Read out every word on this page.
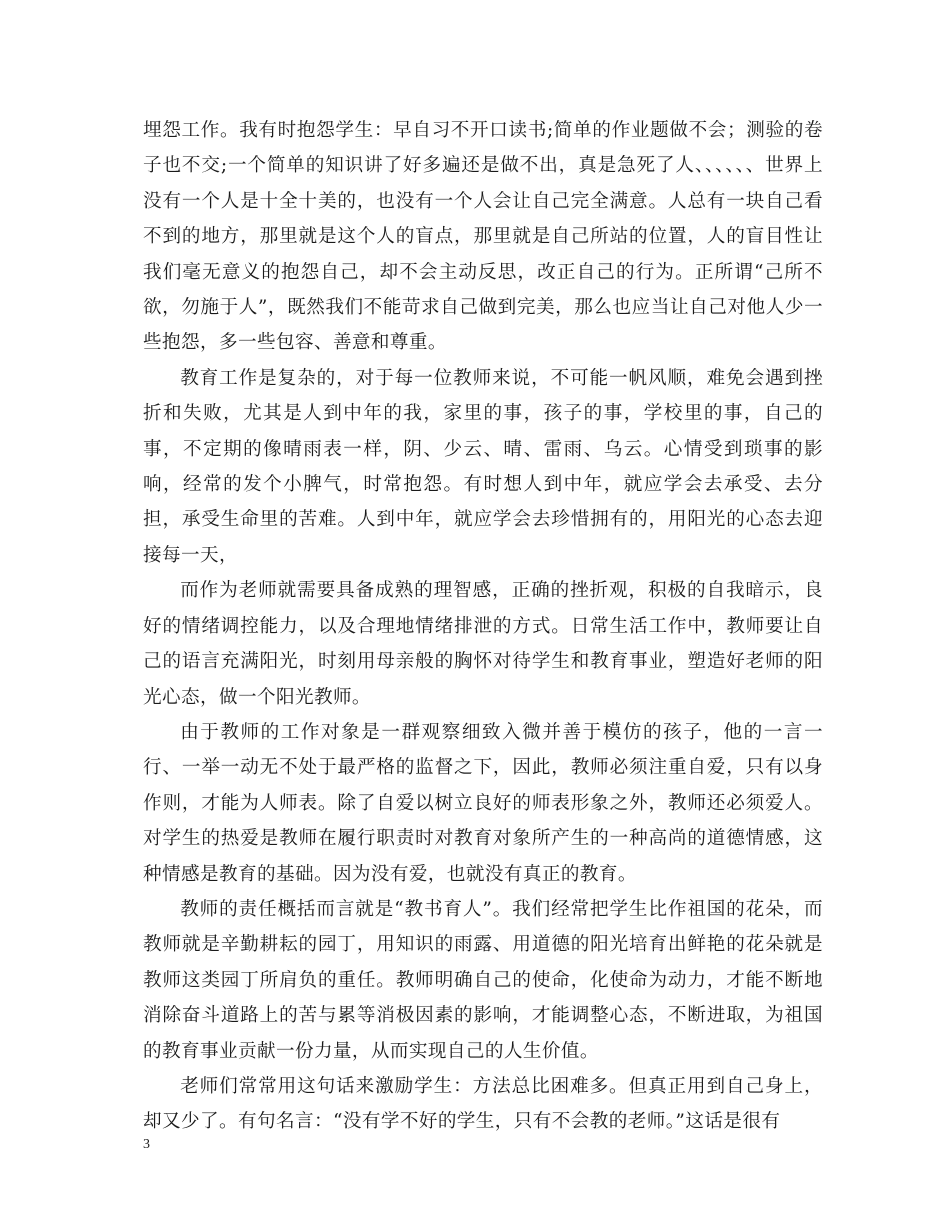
埋怨工作。我有时抱怨学生：早自习不开口读书;简单的作业题做不会；测验的卷子也不交;一个简单的知识讲了好多遍还是做不出，真是急死了人、、、、、、世界上没有一个人是十全十美的，也没有一个人会让自己完全满意。人总有一块自己看不到的地方，那里就是这个人的盲点，那里就是自己所站的位置，人的盲目性让我们毫无意义的抱怨自己，却不会主动反思，改正自己的行为。正所谓“己所不欲，勿施于人”，既然我们不能苛求自己做到完美，那么也应当让自己对他人少一些抱怨，多一些包容、善意和尊重。

教育工作是复杂的，对于每一位教师来说，不可能一帆风顺，难免会遇到挫折和失败，尤其是人到中年的我，家里的事，孩子的事，学校里的事，自己的事，不定期的像晴雨表一样，阴、少云、晴、雷雨、乌云。心情受到琐事的影响，经常的发个小脾气，时常抱怨。有时想人到中年，就应学会去承受、去分担，承受生命里的苦难。人到中年，就应学会去珍惜拥有的，用阳光的心态去迎接每一天，

而作为老师就需要具备成熟的理智感，正确的挫折观，积极的自我暗示，良好的情绪调控能力，以及合理地情绪排泄的方式。日常生活工作中，教师要让自己的语言充满阳光，时刻用母亲般的胸怀对待学生和教育事业，塑造好老师的阳光心态，做一个阳光教师。

由于教师的工作对象是一群观察细致入微并善于模仿的孩子，他的一言一行、一举一动无不处于最严格的监督之下，因此，教师必须注重自爱，只有以身作则，才能为人师表。除了自爱以树立良好的师表形象之外，教师还必须爱人。对学生的热爱是教师在履行职责时对教育对象所产生的一种高尚的道德情感，这种情感是教育的基础。因为没有爱，也就没有真正的教育。

教师的责任概括而言就是“教书育人”。我们经常把学生比作祖国的花朵，而教师就是辛勤耕耘的园丁，用知识的雨露、用道德的阳光培育出鲜艳的花朵就是教师这类园丁所肩负的重任。教师明确自己的使命，化使命为动力，才能不断地消除奋斗道路上的苦与累等消极因素的影响，才能调整心态，不断进取，为祖国的教育事业贡献一份力量，从而实现自己的人生价值。

老师们常常用这句话来激励学生：方法总比困难多。但真正用到自己身上，却又少了。有句名言：“没有学不好的学生，只有不会教的老师。”这话是很有

3
